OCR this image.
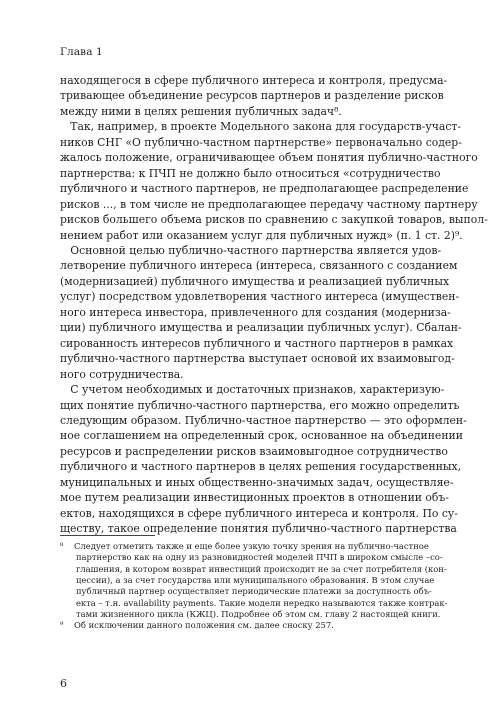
Глава 1
находящегося в сфере публичного интереса и контроля, предусма-
тривающее объединение ресурсов партнеров и разделение рисков
между ними в целях решения публичных задач⁸.
Так, например, в проекте Модельного закона для государств-участ-
ников СНГ «О публично-частном партнерстве» первоначально содер-
жалось положение, ограничивающее объем понятия публично-частного
партнерства: к ПЧП не должно было относиться «сотрудничество
публичного и частного партнеров, не предполагающее распределение
рисков ..., в том числе не предполагающее передачу частному партнеру
рисков большего объема рисков по сравнению с закупкой товаров, выпол-
нением работ или оказанием услуг для публичных нужд» (п. 1 ст. 2)⁹.
Основной целью публично-частного партнерства является удов-
летворение публичного интереса (интереса, связанного с созданием
(модернизацией) публичного имущества и реализацией публичных
услуг) посредством удовлетворения частного интереса (имуществен-
ного интереса инвестора, привлеченного для создания (модерниза-
ции) публичного имущества и реализации публичных услуг). Сбалан-
сированность интересов публичного и частного партнеров в рамках
публично-частного партнерства выступает основой их взаимовыгод-
ного сотрудничества.
С учетом необходимых и достаточных признаков, характеризую-
щих понятие публично-частного партнерства, его можно определить
следующим образом. Публично-частное партнерство — это оформлен-
ное соглашением на определенный срок, основанное на объединении
ресурсов и распределении рисков взаимовыгодное сотрудничество
публичного и частного партнеров в целях решения государственных,
муниципальных и иных общественно-значимых задач, осуществляе-
мое путем реализации инвестиционных проектов в отношении объ-
ектов, находящихся в сфере публичного интереса и контроля. По су-
ществу, такое определение понятия публично-частного партнерства
⁸    Следует отметить также и еще более узкую точку зрения на публично-частное
партнерство как на одну из разновидностей моделей ПЧП в широком смысле –со-
глашения, в котором возврат инвестиций происходит не за счет потребителя (кон-
цессии), а за счет государства или муниципального образования. В этом случае
публичный партнер осуществляет периодические платежи за доступность объ-
екта – т.н. availability payments. Такие модели нередко называются также контрак-
тами жизненного цикла (КЖЦ). Подробнее об этом см. главу 2 настоящей книги.
⁹    Об исключении данного положения см. далее сноску 257.
6
